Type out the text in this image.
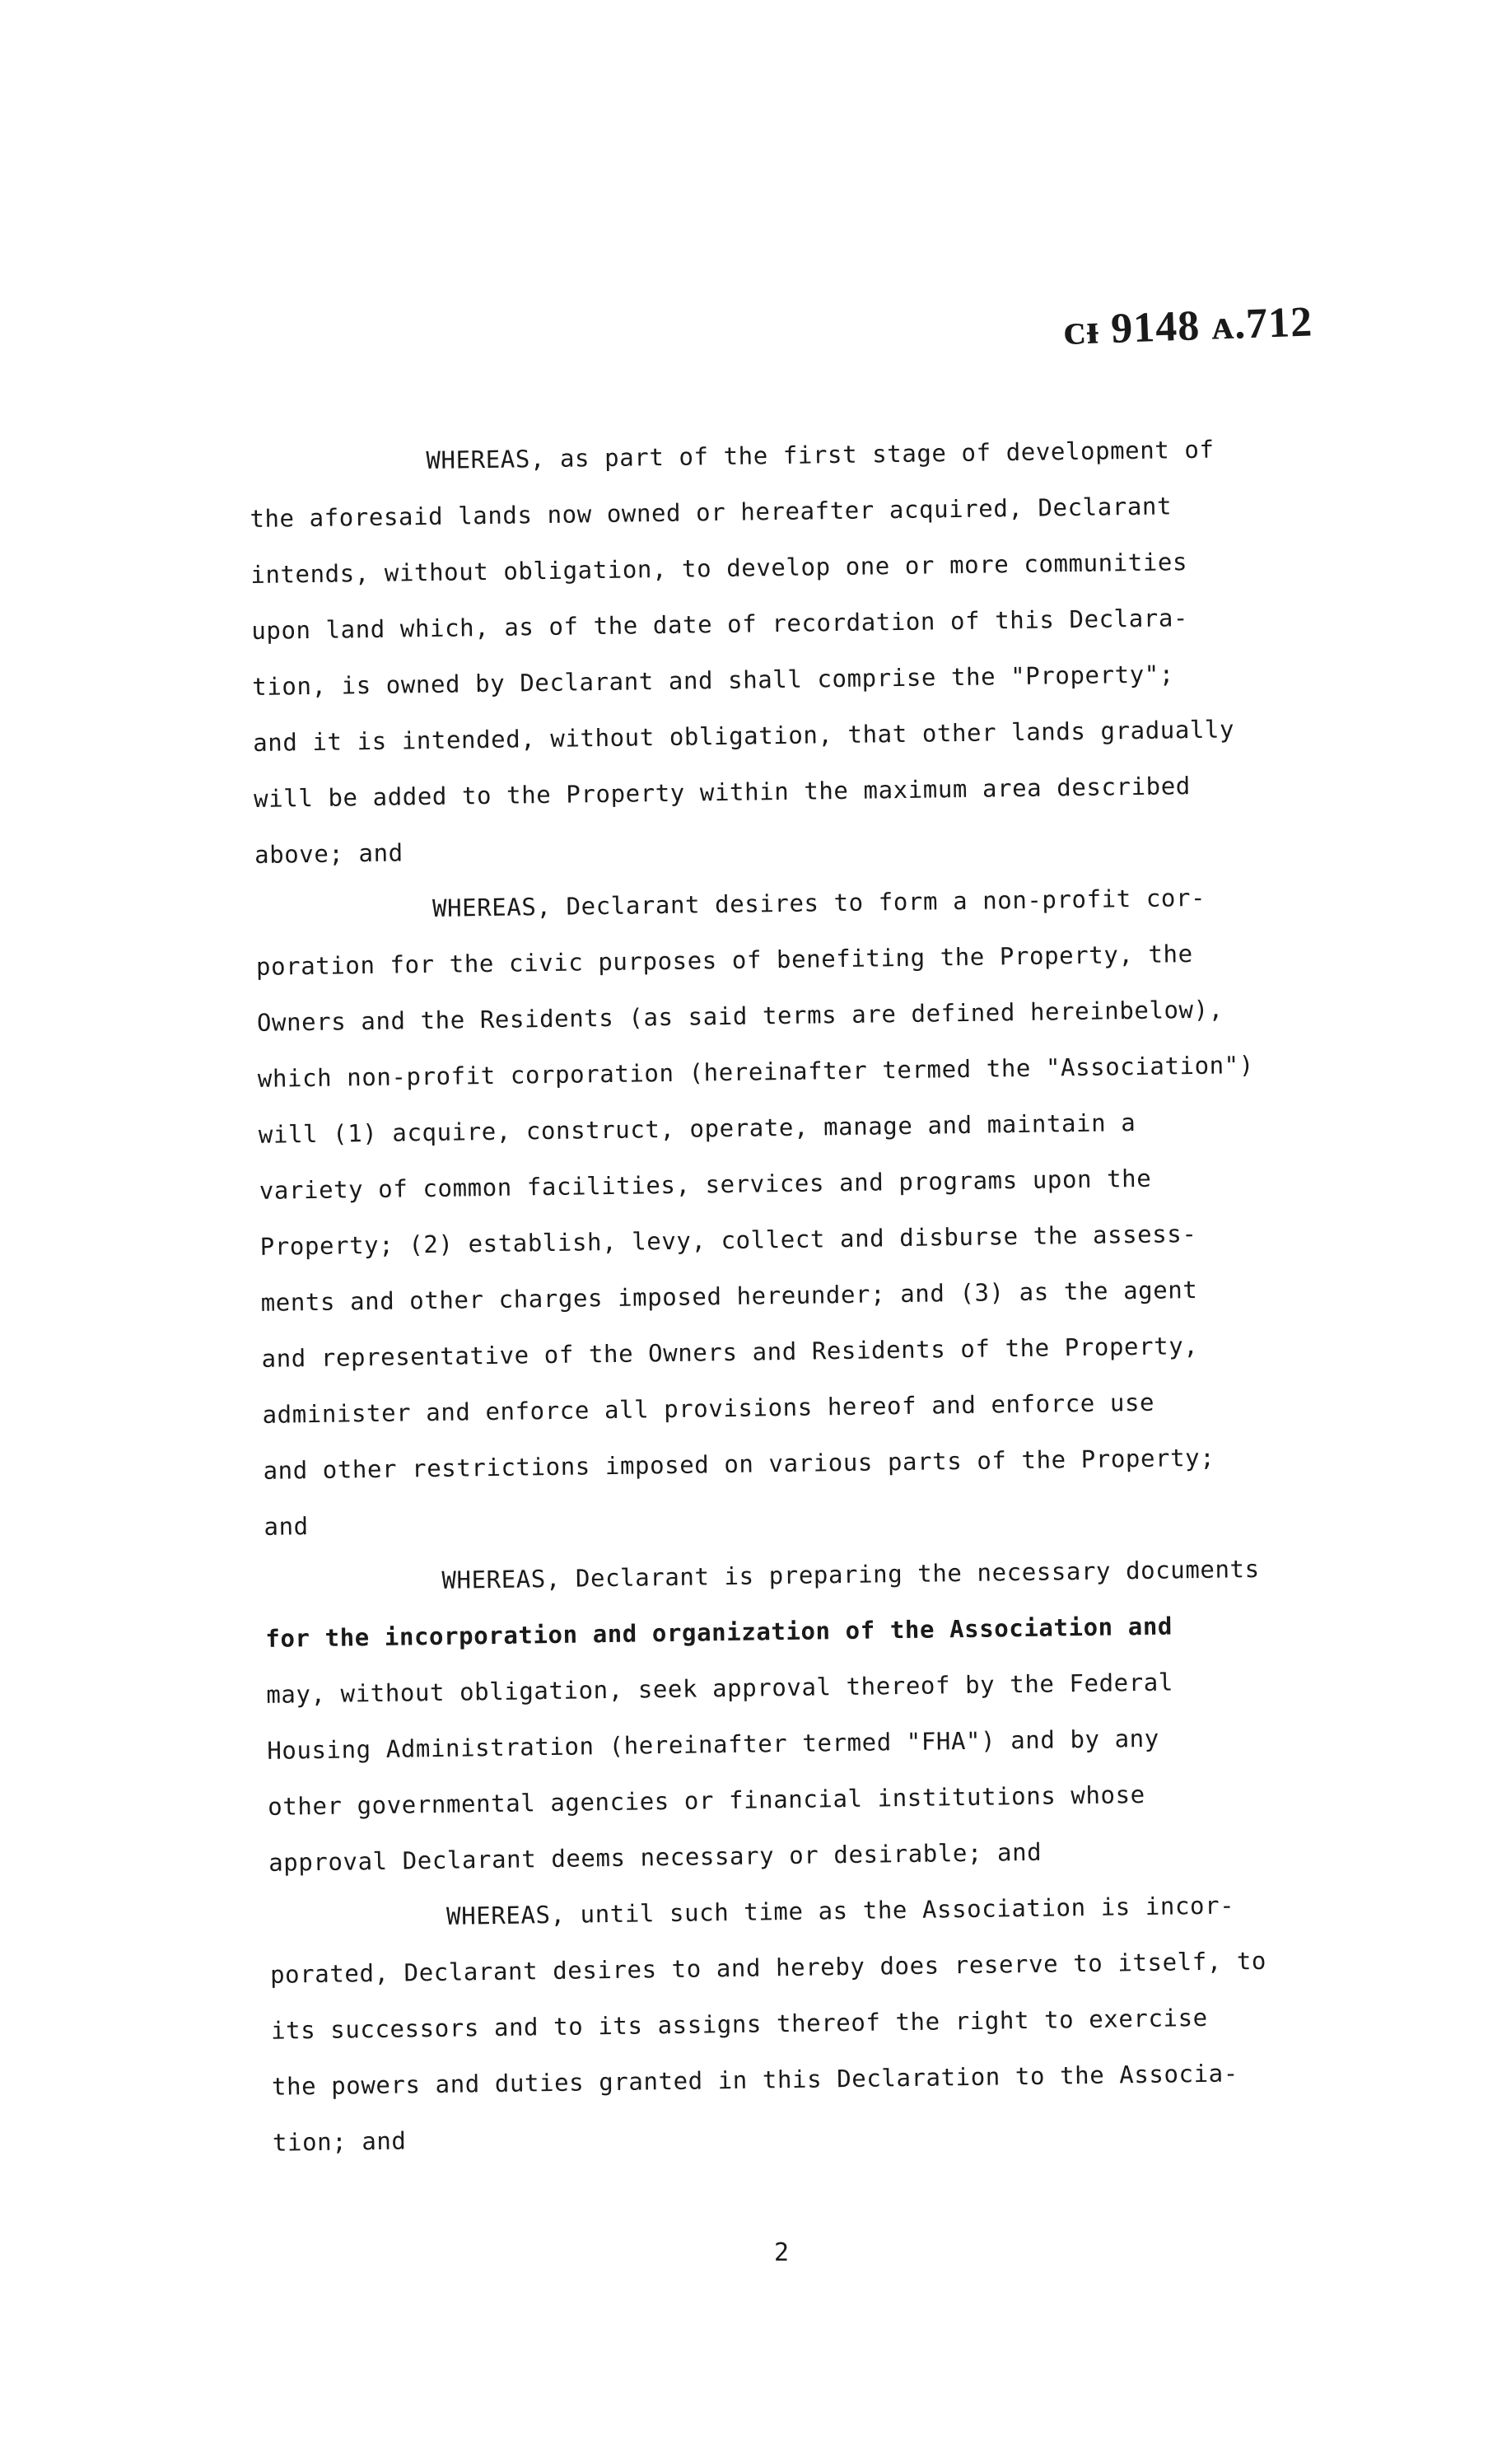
ᴄᵻ 9148 ᴀ.712
WHEREAS, as part of the first stage of development of
the aforesaid lands now owned or hereafter acquired, Declarant
intends, without obligation, to develop one or more communities
upon land which, as of the date of recordation of this Declara-
tion, is owned by Declarant and shall comprise the "Property";
and it is intended, without obligation, that other lands gradually
will be added to the Property within the maximum area described
above; and
WHEREAS, Declarant desires to form a non-profit cor-
poration for the civic purposes of benefiting the Property, the
Owners and the Residents (as said terms are defined hereinbelow),
which non-profit corporation (hereinafter termed the "Association")
will (1) acquire, construct, operate, manage and maintain a
variety of common facilities, services and programs upon the
Property; (2) establish, levy, collect and disburse the assess-
ments and other charges imposed hereunder; and (3) as the agent
and representative of the Owners and Residents of the Property,
administer and enforce all provisions hereof and enforce use
and other restrictions imposed on various parts of the Property;
and
WHEREAS, Declarant is preparing the necessary documents
for the incorporation and organization of the Association and
may, without obligation, seek approval thereof by the Federal
Housing Administration (hereinafter termed "FHA") and by any
other governmental agencies or financial institutions whose
approval Declarant deems necessary or desirable; and
WHEREAS, until such time as the Association is incor-
porated, Declarant desires to and hereby does reserve to itself, to
its successors and to its assigns thereof the right to exercise
the powers and duties granted in this Declaration to the Associa-
tion; and
2
